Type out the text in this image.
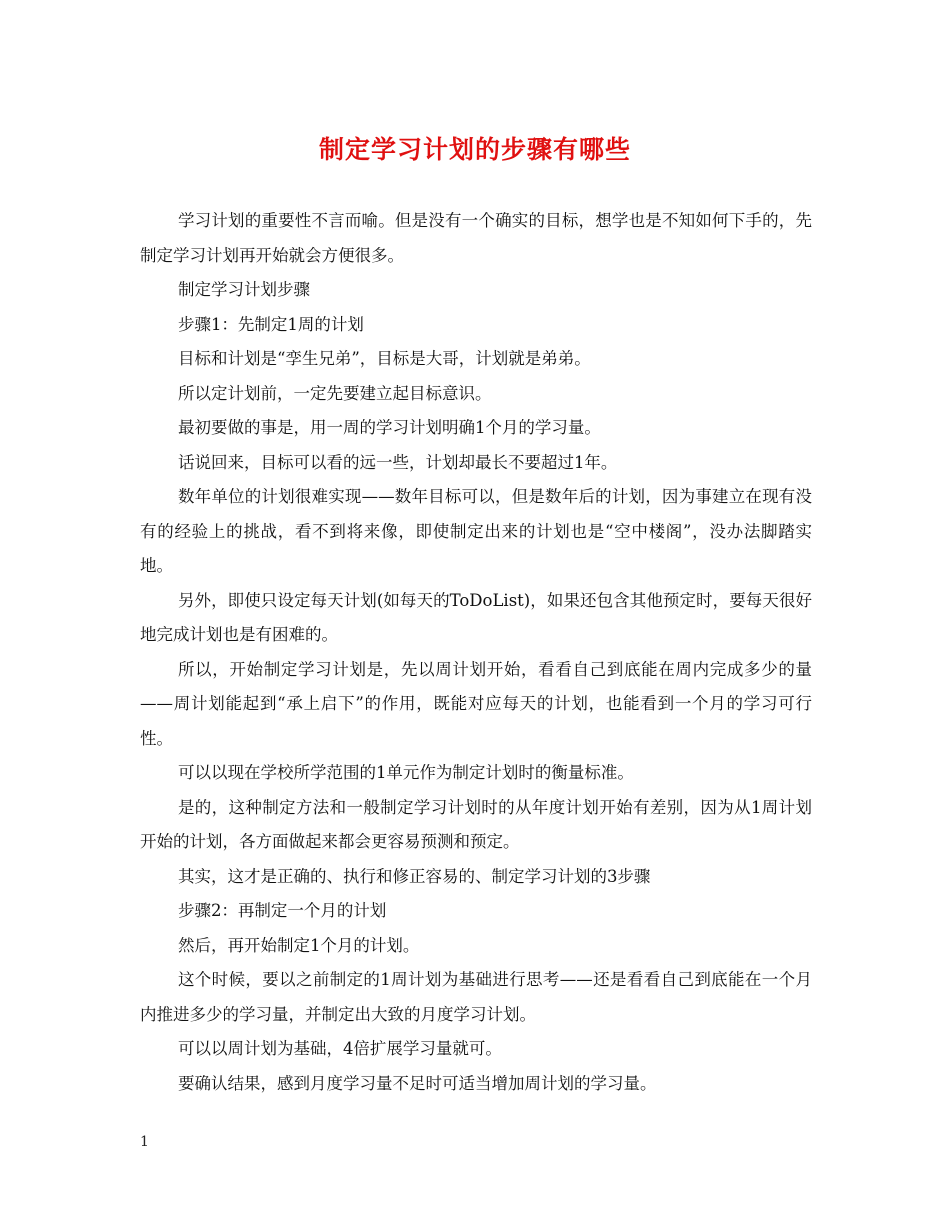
制定学习计划的步骤有哪些

学习计划的重要性不言而喻。但是没有一个确实的目标，想学也是不知如何下手的，先制定学习计划再开始就会方便很多。

制定学习计划步骤

步骤1：先制定1周的计划

目标和计划是“孪生兄弟”，目标是大哥，计划就是弟弟。

所以定计划前，一定先要建立起目标意识。

最初要做的事是，用一周的学习计划明确1个月的学习量。

话说回来，目标可以看的远一些，计划却最长不要超过1年。

数年单位的计划很难实现——数年目标可以，但是数年后的计划，因为事建立在现有没有的经验上的挑战，看不到将来像，即使制定出来的计划也是“空中楼阁”，没办法脚踏实地。

另外，即使只设定每天计划(如每天的ToDoList)，如果还包含其他预定时，要每天很好地完成计划也是有困难的。

所以，开始制定学习计划是，先以周计划开始，看看自己到底能在周内完成多少的量——周计划能起到“承上启下”的作用，既能对应每天的计划，也能看到一个月的学习可行性。

可以以现在学校所学范围的1单元作为制定计划时的衡量标准。

是的，这种制定方法和一般制定学习计划时的从年度计划开始有差别，因为从1周计划开始的计划，各方面做起来都会更容易预测和预定。

其实，这才是正确的、执行和修正容易的、制定学习计划的3步骤

步骤2：再制定一个月的计划

然后，再开始制定1个月的计划。

这个时候，要以之前制定的1周计划为基础进行思考——还是看看自己到底能在一个月内推进多少的学习量，并制定出大致的月度学习计划。

可以以周计划为基础，4倍扩展学习量就可。

要确认结果，感到月度学习量不足时可适当增加周计划的学习量。

1
